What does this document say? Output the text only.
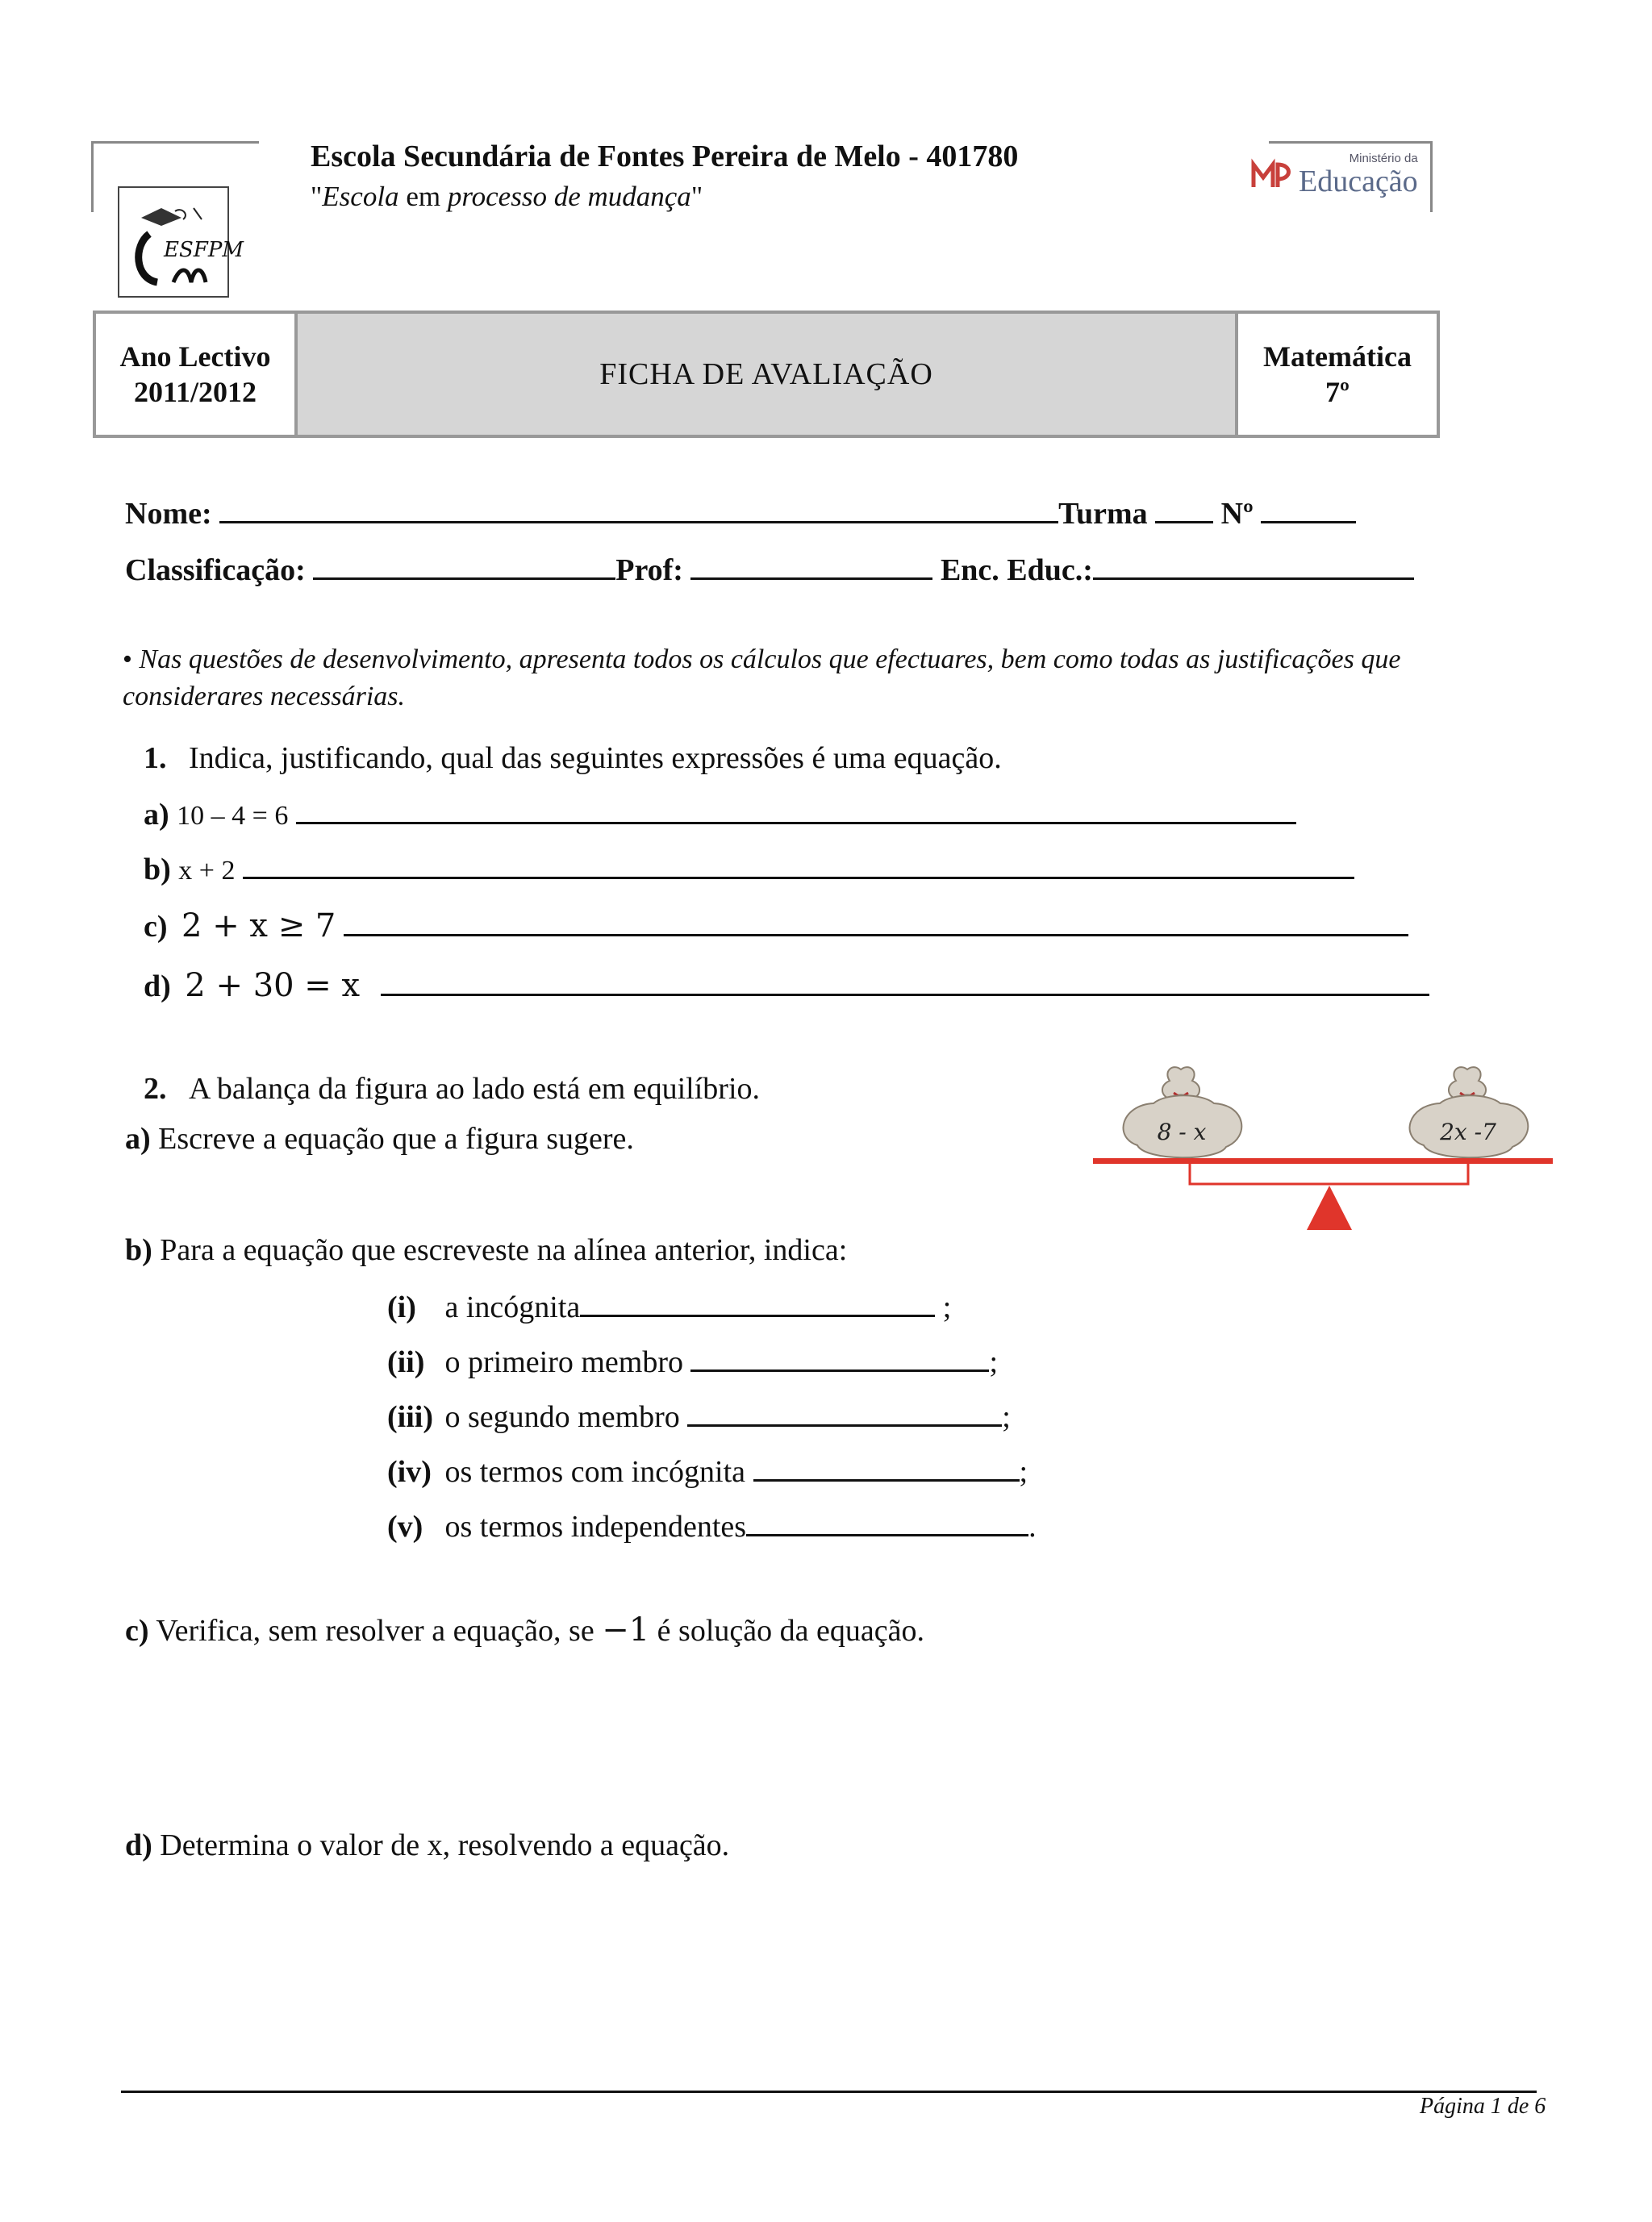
ESFPM
Escola Secundária de Fontes Pereira de Melo - 401780
"Escola em processo de mudança"

Ministério da
Educação
Ano Lectivo
2011/2012
FICHA DE AVALIAÇÃO
Matemática
7º
Nome:	Turma Nº
Classificação:	Prof:	Enc. Educ.:
• Nas questões de desenvolvimento, apresenta todos os cálculos que efectuares, bem como todas as justificações que considerares necessárias.
1. Indica, justificando, qual das seguintes expressões é uma equação.
a) 10 – 4 = 6
b) x + 2
c) 2 + x ≥ 7
d) 2 + 30 = x
2. A balança da figura ao lado está em equilíbrio.
a) Escreve a equação que a figura sugere.	8 - x	2x -7
b) Para a equação que escreveste na alínea anterior, indica:
(i) a incógnita	;
(ii) o primeiro membro	;
(iii) o segundo membro	;
(iv) os termos com incógnita	;
(v) os termos independentes	.
c) Verifica, sem resolver a equação, se −1 é solução da equação.
d) Determina o valor de x, resolvendo a equação.
Página 1 de 6
